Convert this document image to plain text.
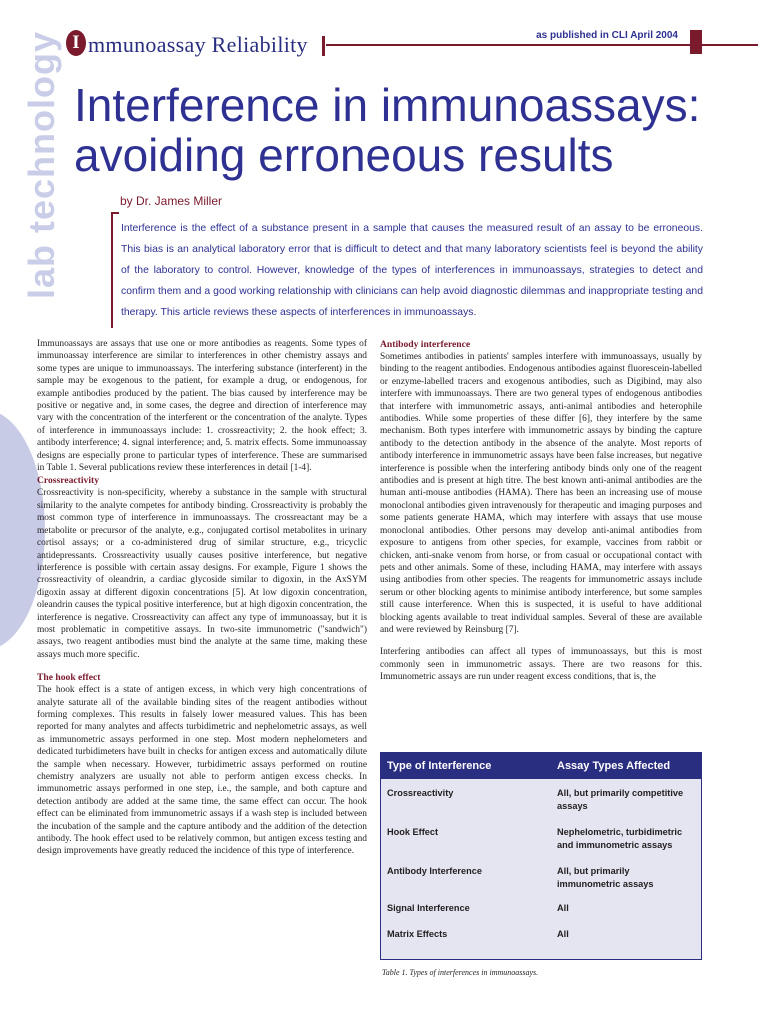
lab technology I mmunoassay Reliability	as published in CLI April 2004
Interference in immunoassays: avoiding erroneous results
by Dr. James Miller
Interference is the effect of a substance present in a sample that causes the measured result of an assay to be erroneous. This bias is an analytical laboratory error that is difficult to detect and that many laboratory scientists feel is beyond the ability of the laboratory to control. However, knowledge of the types of interferences in immunoassays, strategies to detect and confirm them and a good working relationship with clinicians can help avoid diagnostic dilemmas and inappropriate testing and therapy. This article reviews these aspects of interferences in immunoassays.

Immunoassays are assays that use one or more antibodies as reagents. Some types of immunoassay interference are similar to interferences in other chemistry assays and some types are unique to immunoassays. The interfering substance (interferent) in the sample may be exogenous to the patient, for example a drug, or endogenous, for example antibodies produced by the patient. The bias caused by interference may be positive or negative and, in some cases, the degree and direction of interference may vary with the concentration of the interferent or the concentration of the analyte. Types of interference in immunoassays include: 1. crossreactivity; 2. the hook effect; 3. antibody interference; 4. signal interference; and, 5. matrix effects. Some immunoassay designs are especially prone to particular types of interference. These are summarised in Table 1. Several publications review these interferences in detail [1-4].

Crossreactivity

Crossreactivity is non-specificity, whereby a substance in the sample with structural similarity to the analyte competes for antibody binding. Crossreactivity is probably the most common type of interference in immunoassays. The crossreactant may be a metabolite or precursor of the analyte, e.g., conjugated cortisol metabolites in urinary cortisol assays; or a co-administered drug of similar structure, e.g., tricyclic antidepressants. Crossreactivity usually causes positive interference, but negative interference is possible with certain assay designs. For example, Figure 1 shows the crossreactivity of oleandrin, a cardiac glycoside similar to digoxin, in the AxSYM digoxin assay at different digoxin concentrations [5]. At low digoxin concentration, oleandrin causes the typical positive interference, but at high digoxin concentration, the interference is negative. Crossreactivity can affect any type of immunoassay, but it is most problematic in competitive assays. In two-site immunometric ("sandwich") assays, two reagent antibodies must bind the analyte at the same time, making these assays much more specific.

The hook effect

The hook effect is a state of antigen excess, in which very high concentrations of analyte saturate all of the available binding sites of the reagent antibodies without forming complexes. This results in falsely lower measured values. This has been reported for many analytes and affects turbidimetric and nephelometric assays, as well as immunometric assays performed in one step. Most modern nephelometers and dedicated turbidimeters have built in checks for antigen excess and automatically dilute the sample when necessary. However, turbidimetric assays performed on routine chemistry analyzers are usually not able to perform antigen excess checks. In immunometric assays performed in one step, i.e., the sample, and both capture and detection antibody are added at the same time, the same effect can occur. The hook effect can be eliminated from immunometric assays if a wash step is included between the incubation of the sample and the capture antibody and the addition of the detection antibody. The hook effect used to be relatively common, but antigen excess testing and design improvements have greatly reduced the incidence of this type of interference.

Antibody interference

Sometimes antibodies in patients' samples interfere with immunoassays, usually by binding to the reagent antibodies. Endogenous antibodies against fluorescein-labelled or enzyme-labelled tracers and exogenous antibodies, such as Digibind, may also interfere with immunoassays. There are two general types of endogenous antibodies that interfere with immunometric assays, anti-animal antibodies and heterophile antibodies. While some properties of these differ [6], they interfere by the same mechanism. Both types interfere with immunometric assays by binding the capture antibody to the detection antibody in the absence of the analyte. Most reports of antibody interference in immunometric assays have been false increases, but negative interference is possible when the interfering antibody binds only one of the reagent antibodies and is present at high titre. The best known anti-animal antibodies are the human anti-mouse antibodies (HAMA). There has been an increasing use of mouse monoclonal antibodies given intravenously for therapeutic and imaging purposes and some patients generate HAMA, which may interfere with assays that use mouse monoclonal antibodies. Other persons may develop anti-animal antibodies from exposure to antigens from other species, for example, vaccines from rabbit or chicken, anti-snake venom from horse, or from casual or occupational contact with pets and other animals. Some of these, including HAMA, may interfere with assays using antibodies from other species. The reagents for immunometric assays include serum or other blocking agents to minimise antibody interference, but some samples still cause interference. When this is suspected, it is useful to have additional blocking agents available to treat individual samples. Several of these are available and were reviewed by Reinsburg [7].

Interfering antibodies can affect all types of immunoassays, but this is most commonly seen in immunometric assays. There are two reasons for this. Immunometric assays are run under reagent excess conditions, that is, the

Type of Interference	Assay Types Affected
Crossreactivity	All, but primarily competitive assays
Hook Effect	Nephelometric, turbidimetric and immunometric assays
Antibody Interference	All, but primarily immunometric assays
Signal Interference	All
Matrix Effects	All
Table 1. Types of interferences in immunoassays.
